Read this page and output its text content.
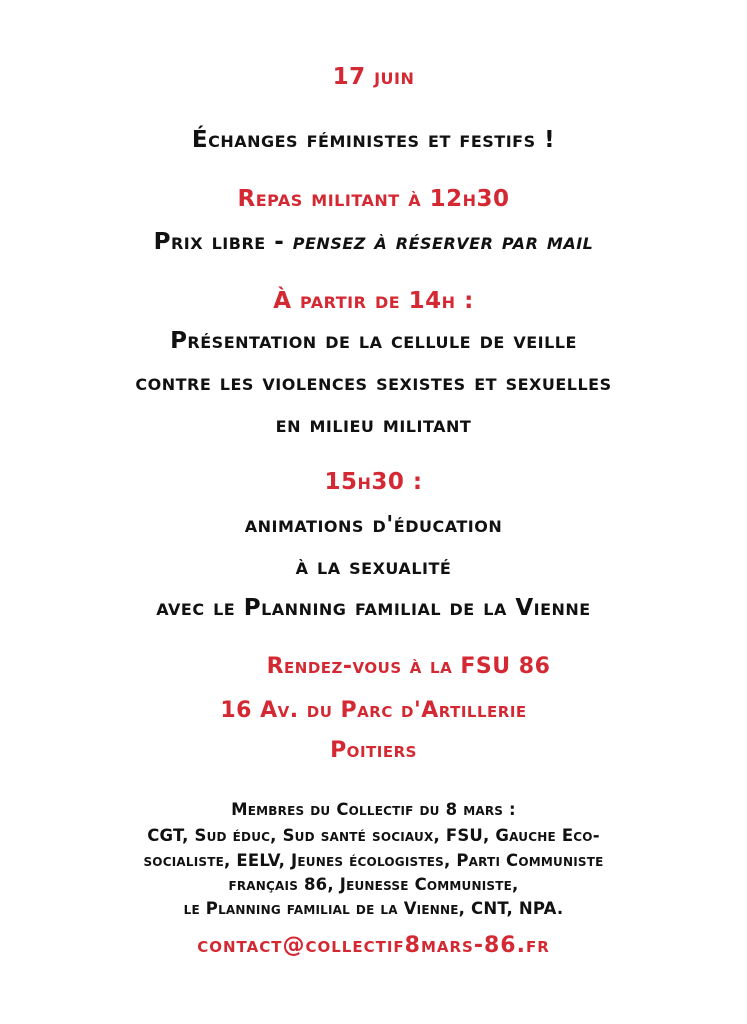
17 juin
Échanges féministes et festifs !
Repas militant à 12h30
Prix libre - pensez à réserver par mail
À partir de 14h :
Présentation de la cellule de veille
contre les violences sexistes et sexuelles
en milieu militant
15h30 :
animations d'éducation
à la sexualité
avec le Planning familial de la Vienne
Rendez-vous à la FSU 86
16 Av. du Parc d'Artillerie
Poitiers
Membres du Collectif du 8 mars :
CGT, Sud éduc, Sud santé sociaux, FSU, Gauche Eco-
socialiste, EELV, Jeunes écologistes, Parti Communiste
français 86, Jeunesse Communiste,
le Planning familial de la Vienne, CNT, NPA.
contact@collectif8mars-86.fr
